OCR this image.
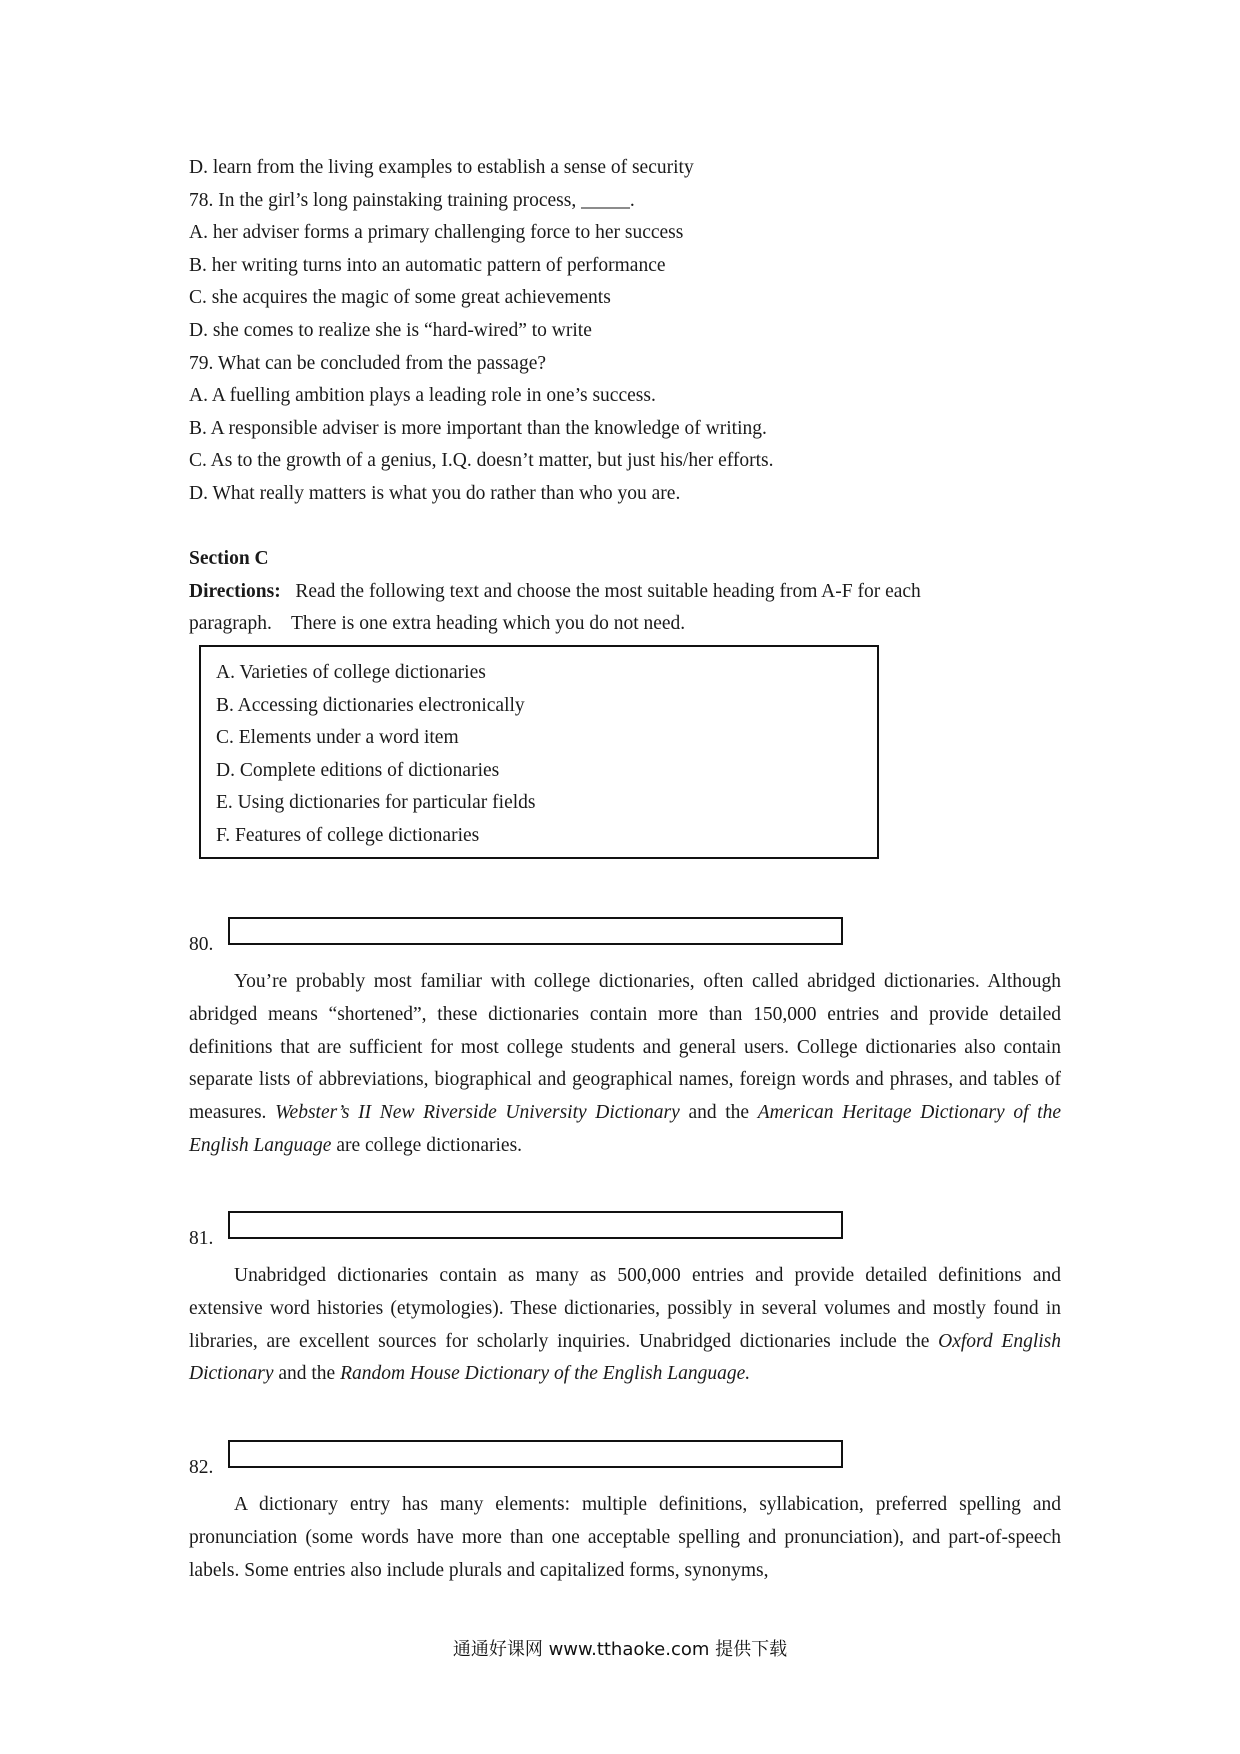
D. learn from the living examples to establish a sense of security
78. In the girl’s long painstaking training process, _____.
A. her adviser forms a primary challenging force to her success
B. her writing turns into an automatic pattern of performance
C. she acquires the magic of some great achievements
D. she comes to realize she is “hard-wired” to write
79. What can be concluded from the passage?
A. A fuelling ambition plays a leading role in one’s success.
B. A responsible adviser is more important than the knowledge of writing.
C. As to the growth of a genius, I.Q. doesn’t matter, but just his/her efforts.
D. What really matters is what you do rather than who you are.
Section C
Directions: Read the following text and choose the most suitable heading from A-F for each
paragraph.    There is one extra heading which you do not need.
A. Varieties of college dictionaries
B. Accessing dictionaries electronically
C. Elements under a word item
D. Complete editions of dictionaries
E. Using dictionaries for particular fields
F. Features of college dictionaries
80.

You’re probably most familiar with college dictionaries, often called abridged dictionaries. Although abridged means “shortened”, these dictionaries contain more than 150,000 entries and provide detailed definitions that are sufficient for most college students and general users. College dictionaries also contain separate lists of abbreviations, biographical and geographical names, foreign words and phrases, and tables of measures. Webster’s II New Riverside University Dictionary and the American Heritage Dictionary of the English Language are college dictionaries.

81.

Unabridged dictionaries contain as many as 500,000 entries and provide detailed definitions and extensive word histories (etymologies). These dictionaries, possibly in several volumes and mostly found in libraries, are excellent sources for scholarly inquiries. Unabridged dictionaries include the Oxford English Dictionary and the Random House Dictionary of the English Language.

82.

A dictionary entry has many elements: multiple definitions, syllabication, preferred spelling and pronunciation (some words have more than one acceptable spelling and pronunciation), and part-of-speech labels. Some entries also include plurals and capitalized forms, synonyms,

通通好课网 www.tthaoke.com 提供下载
